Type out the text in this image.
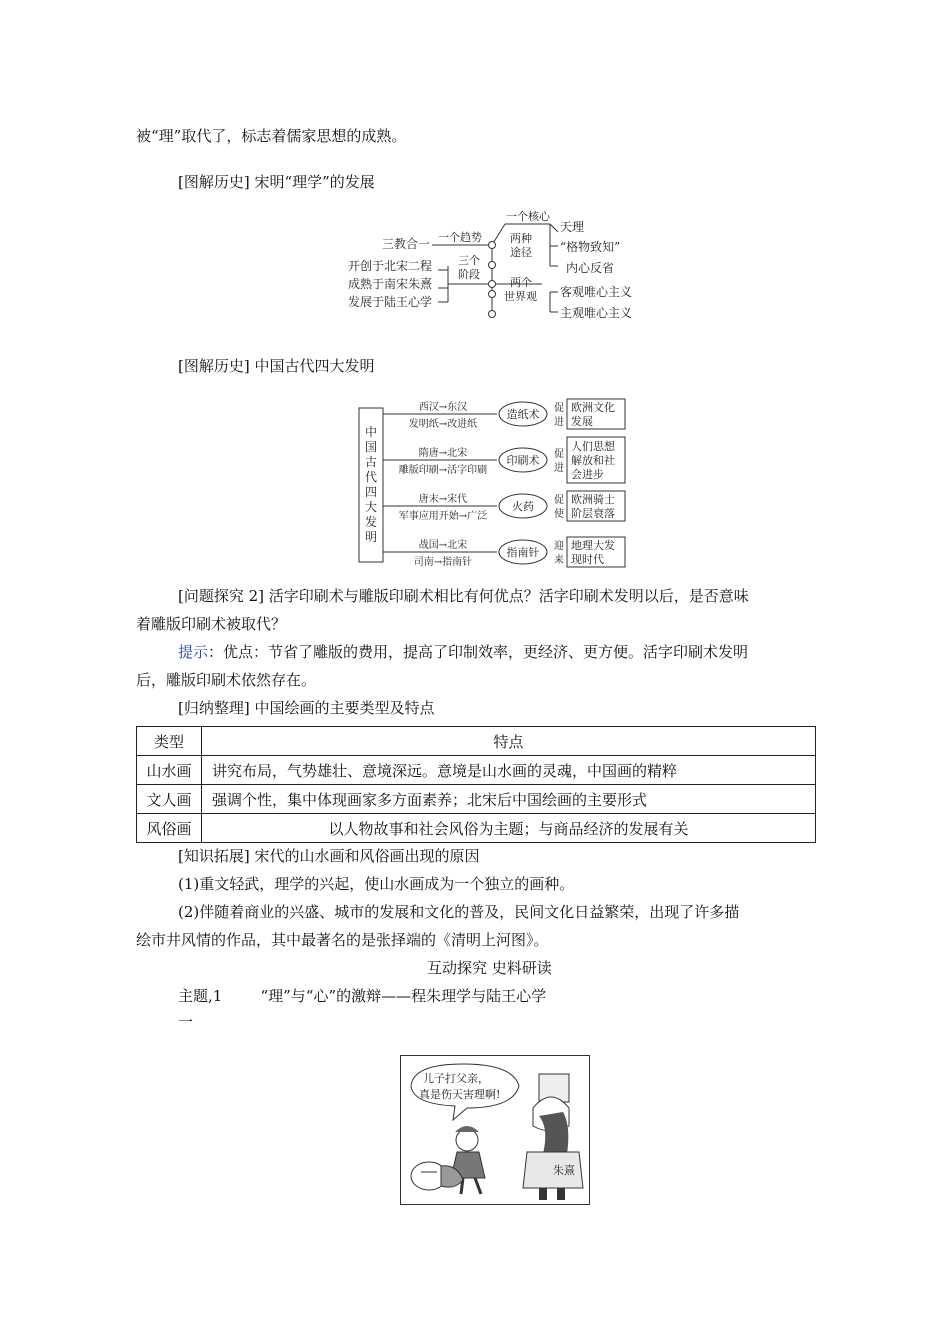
被“理”取代了，标志着儒家思想的成熟。
[图解历史] 宋明“理学”的发展
三教合一 一个趋势
一个核心
天理
两种
途径 “格物致知”
内心反省
开创于北宋二程
成熟于南宋朱熹
发展于陆王心学
三个
阶段
两个
世界观 客观唯心主义
主观唯心主义
[图解历史] 中国古代四大发明
中国古代四大发明
西汉→东汉
发明纸→改进纸
造纸术 促
进
欧洲文化
发展
隋唐→北宋
雕版印刷→活字印刷
印刷术 促
进
人们思想
解放和社
会进步
唐末→宋代
军事应用开始→广泛
火药 促
使
欧洲骑士
阶层衰落
战国→北宋
司南→指南针
指南针 迎
来
地理大发
现时代
[问题探究 2] 活字印刷术与雕版印刷术相比有何优点？活字印刷术发明以后，是否意味
着雕版印刷术被取代？
提示：优点：节省了雕版的费用，提高了印制效率，更经济、更方便。活字印刷术发明
后，雕版印刷术依然存在。
[归纳整理] 中国绘画的主要类型及特点
类型	特点
山水画	讲究布局，气势雄壮、意境深远。意境是山水画的灵魂，中国画的精粹
文人画	强调个性，集中体现画家多方面素养；北宋后中国绘画的主要形式
风俗画	以人物故事和社会风俗为主题；与商品经济的发展有关
[知识拓展] 宋代的山水画和风俗画出现的原因
(1)重文轻武，理学的兴起，使山水画成为一个独立的画种。
(2)伴随着商业的兴盛、城市的发展和文化的普及，民间文化日益繁荣，出现了许多描
绘市井风情的作品，其中最著名的是张择端的《清明上河图》。
互动探究 史料研读
主题,1        “理”与“心”的激辩——程朱理学与陆王心学
一
儿子打父亲，
真是伤天害理啊!
朱熹
